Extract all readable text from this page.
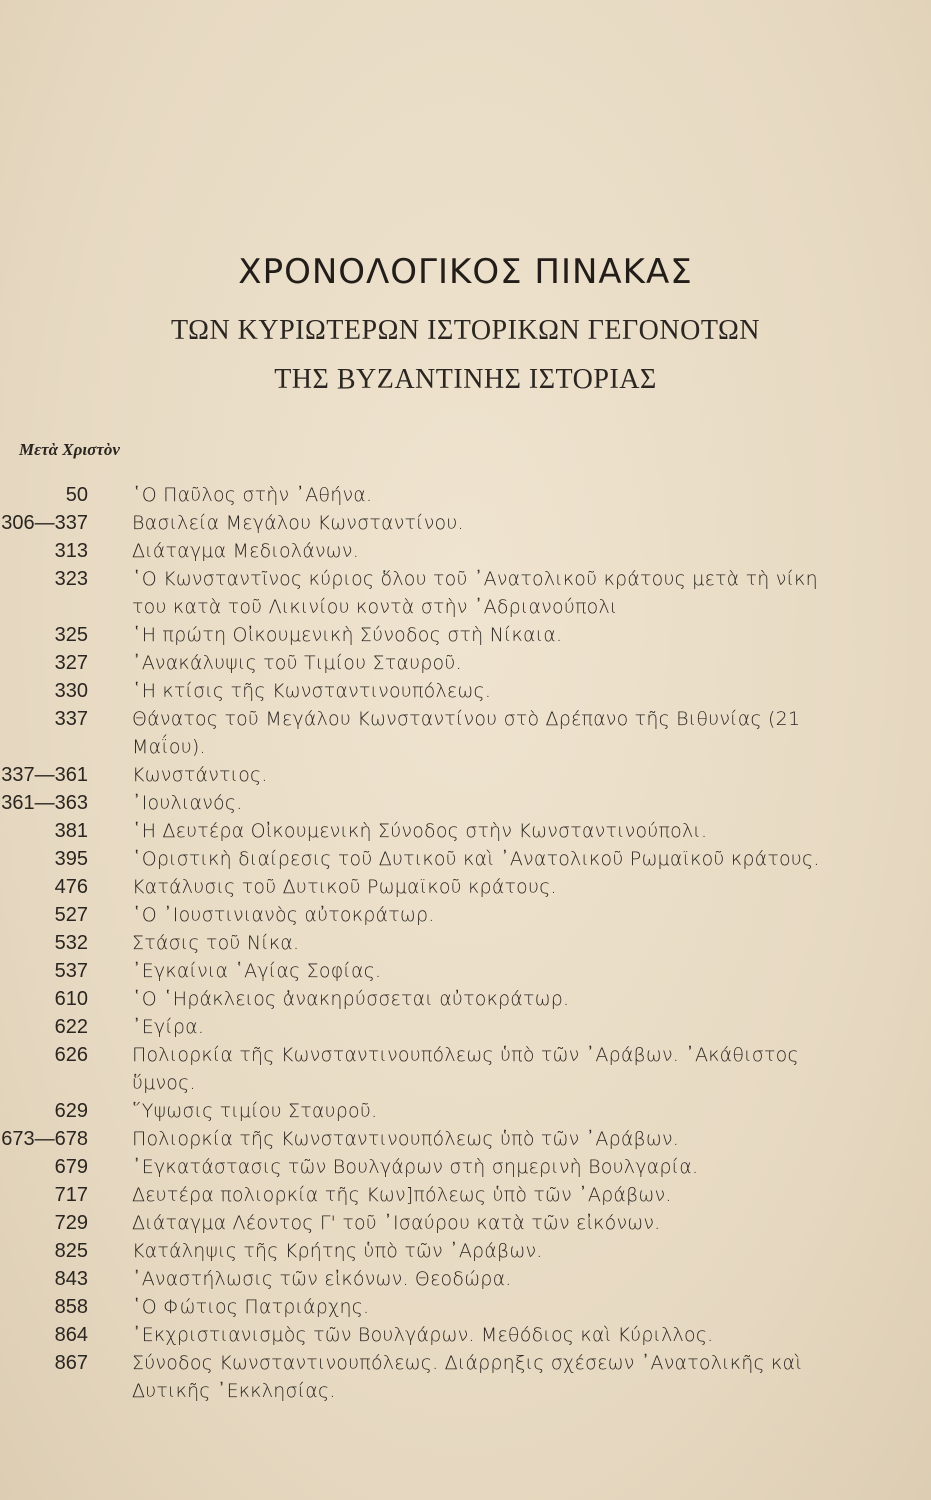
ΧΡΟΝΟΛΟΓΙΚΟΣ ΠΙΝΑΚΑΣ
ΤΩΝ ΚΥΡΙΩΤΕΡΩΝ ΙΣΤΟΡΙΚΩΝ ΓΕΓΟΝΟΤΩΝ
ΤΗΣ ΒΥΖΑΝΤΙΝΗΣ ΙΣΤΟΡΙΑΣ
Μετὰ Χριστὸν
50	῾Ο Παῦλος στὴν ᾿Αθήνα.
306—337	Βασιλεία Μεγάλου Κωνσταντίνου.
313	Διάταγμα Μεδιολάνων.
323	῾Ο Κωνσταντῖνος κύριος ὅλου τοῦ ᾿Ανατολικοῦ κράτους μετὰ τὴ νίκη του κατὰ τοῦ Λικινίου κοντὰ στὴν ᾿Αδριανούπολι
325	῾Η πρώτη Οἰκουμενικὴ Σύνοδος στὴ Νίκαια.
327	᾿Ανακάλυψις τοῦ Τιμίου Σταυροῦ.
330	῾Η κτίσις τῆς Κωνσταντινουπόλεως.
337	Θάνατος τοῦ Μεγάλου Κωνσταντίνου στὸ Δρέπανο τῆς Βιθυνίας (21 Μαΐου).
337—361	Κωνστάντιος.
361—363	᾿Ιουλιανός.
381	῾Η Δευτέρα Οἰκουμενικὴ Σύνοδος στὴν Κωνσταντινούπολι.
395	῾Οριστικὴ διαίρεσις τοῦ Δυτικοῦ καὶ ᾿Ανατολικοῦ Ρωμαϊκοῦ κράτους.
476	Κατάλυσις τοῦ Δυτικοῦ Ρωμαϊκοῦ κράτους.
527	῾Ο ᾿Ιουστινιανὸς αὐτοκράτωρ.
532	Στάσις τοῦ Νίκα.
537	᾿Εγκαίνια ῾Αγίας Σοφίας.
610	῾Ο ῾Ηράκλειος ἀνακηρύσσεται αὐτοκράτωρ.
622	᾿Εγίρα.
626	Πολιορκία τῆς Κωνσταντινουπόλεως ὑπὸ τῶν ᾿Αράβων. ᾿Ακάθιστος ὕμνος.
629	῞Υψωσις τιμίου Σταυροῦ.
673—678	Πολιορκία τῆς Κωνσταντινουπόλεως ὑπὸ τῶν ᾿Αράβων.
679	᾿Εγκατάστασις τῶν Βουλγάρων στὴ σημερινὴ Βουλγαρία.
717	Δευτέρα πολιορκία τῆς Κων]πόλεως ὑπὸ τῶν ᾿Αράβων.
729	Διάταγμα Λέοντος Γ' τοῦ ᾿Ισαύρου κατὰ τῶν εἰκόνων.
825	Κατάληψις τῆς Κρήτης ὑπὸ τῶν ᾿Αράβων.
843	᾿Αναστήλωσις τῶν εἰκόνων. Θεοδώρα.
858	῾Ο Φώτιος Πατριάρχης.
864	᾿Εκχριστιανισμὸς τῶν Βουλγάρων. Μεθόδιος καὶ Κύριλλος.
867	Σύνοδος Κωνσταντινουπόλεως. Διάρρηξις σχέσεων ᾿Ανατολικῆς καὶ Δυτικῆς ᾿Εκκλησίας.
